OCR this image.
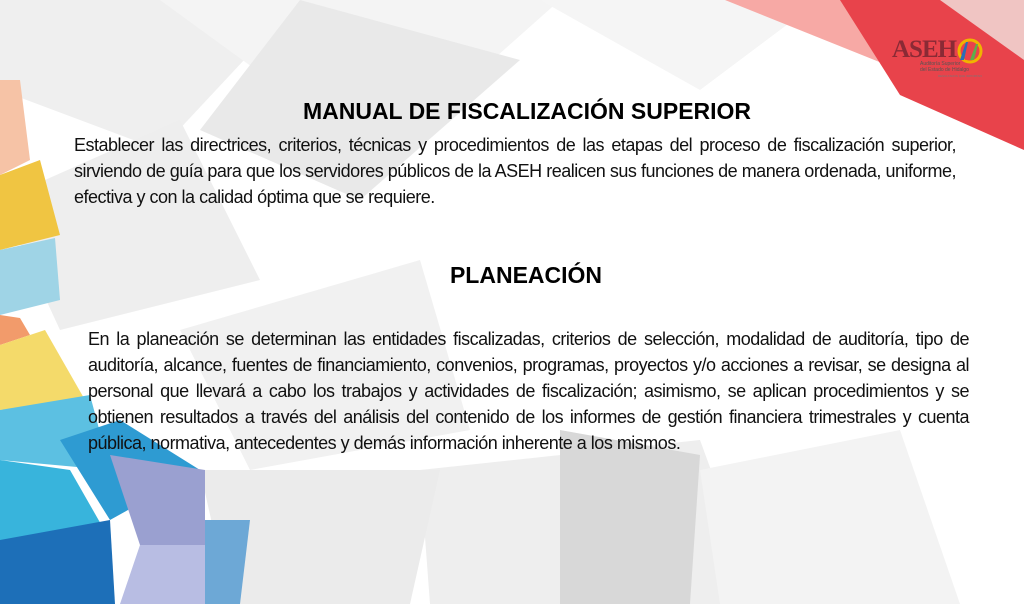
ASEH
Auditoría Superior
del Estado de Hidalgo
RESULTADOS QUE IMPORTAN
MANUAL DE FISCALIZACIÓN SUPERIOR

Establecer las directrices, criterios, técnicas y procedimientos de las etapas del proceso de fiscalización superior, sirviendo de guía para que los servidores públicos de la ASEH realicen sus funciones de manera ordenada, uniforme, efectiva y con la calidad óptima que se requiere.

PLANEACIÓN

En la planeación se determinan las entidades fiscalizadas, criterios de selección, modalidad de auditoría, tipo de auditoría, alcance, fuentes de financiamiento, convenios, programas, proyectos y/o acciones a revisar, se designa al personal que llevará a cabo los trabajos y actividades de fiscalización; asimismo, se aplican procedimientos y se obtienen resultados a través del análisis del contenido de los informes de gestión financiera trimestrales y cuenta pública, normativa, antecedentes y demás información inherente a los mismos.
